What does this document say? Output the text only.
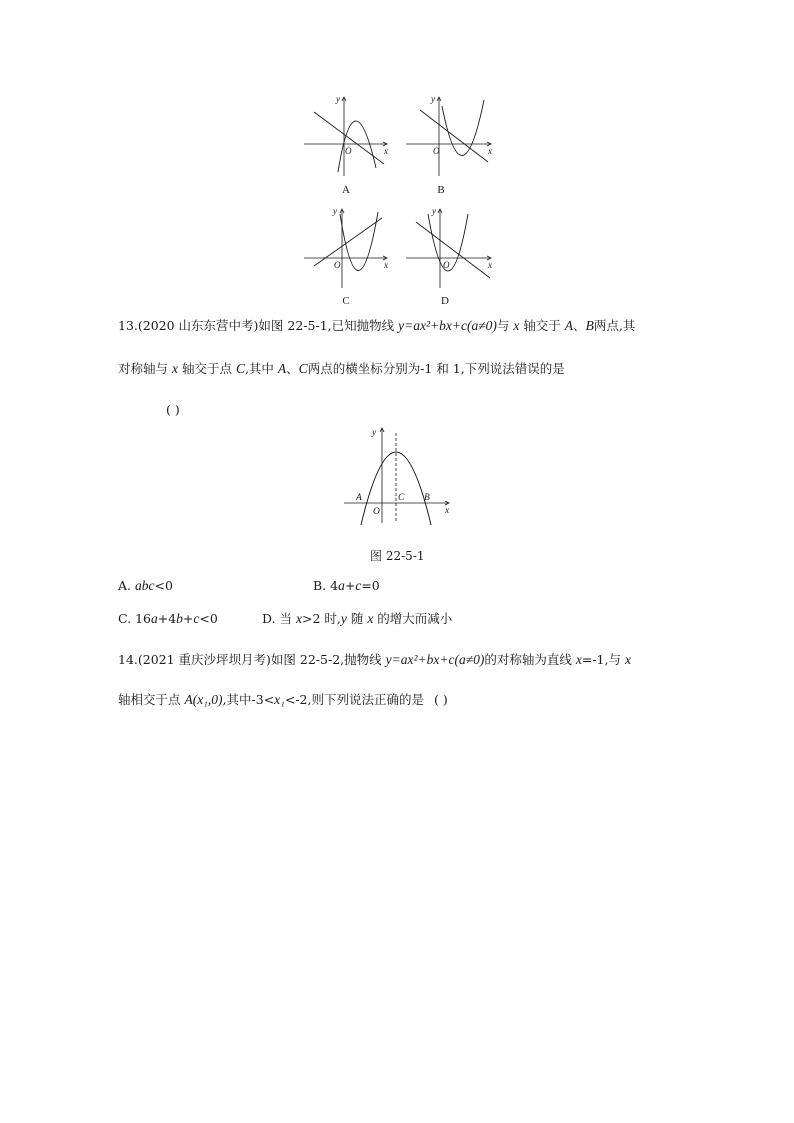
y
x
O
A
y
x
O
B
y
x
O
C
y
x
O
D
13.(2020 山东东营中考)如图 22-5-1,已知抛物线 y=ax²+bx+c(a≠0)与 x 轴交于 A、B两点,其
对称轴与 x 轴交于点 C,其中 A、C两点的横坐标分别为-1 和 1,下列说法错误的是
( )
y
x
A	C B
O
图 22-5-1
A. abc<0	B. 4a+c=0
C. 16a+4b+c<0	D. 当 x>2 时,y 随 x 的增大而减小
14.(2021 重庆沙坪坝月考)如图 22-5-2,抛物线 y=ax²+bx+c(a≠0)的对称轴为直线 x=-1,与 x
轴相交于点 A(x₁,0),其中-3<x₁<-2,则下列说法正确的是 ( )
